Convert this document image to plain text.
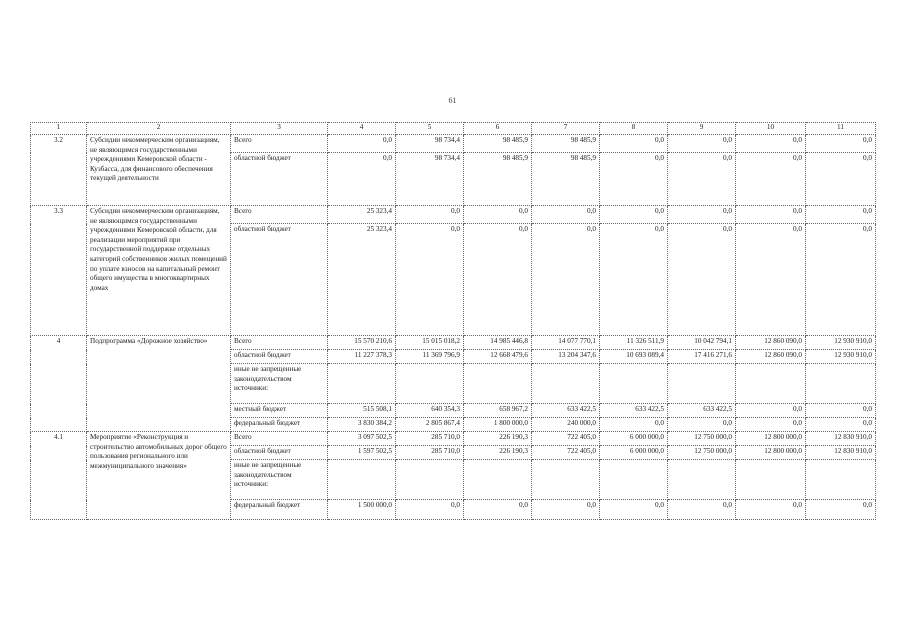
61
1	2	3	4	5	6	7	8	9	10	11
3.2	Субсидии некоммерческим организациям, не являющимся государственными учреждениями Кемеровской области - Кузбасса, для финансового обеспечения текущей деятельности	Всего	0,0	98 734,4	98 485,9	98 485,9	0,0	0,0	0,0	0,0
		областной бюджет	0,0	98 734,4	98 485,9	98 485,9	0,0	0,0	0,0	0,0
3.3	Субсидии некоммерческим организациям, не являющимся государственными учреждениями Кемеровской области, для реализации мероприятий при государственной поддержке отдельных категорий собственников жилых помещений по уплате взносов на капитальный ремонт общего имущества в многоквартирных домах	Всего	25 323,4	0,0	0,0	0,0	0,0	0,0	0,0	0,0
		областной бюджет	25 323,4	0,0	0,0	0,0	0,0	0,0	0,0	0,0
4	Подпрограмма «Дорожное хозяйство»	Всего	15 570 210,6	15 015 018,2	14 985 446,8	14 077 770,1	11 326 511,9	10 042 794,1	12 860 090,0	12 930 910,0
		областной бюджет	11 227 378,3	11 369 796,9	12 668 479,6	13 204 347,6	10 693 089,4	17 416 271,6	12 860 090,0	12 930 910,0
		иные не запрещенные законодательством источники:								
		местный бюджет	515 508,1	640 354,3	658 967,2	633 422,5	633 422,5	633 422,5	0,0	0,0
		федеральный бюджет	3 830 384,2	2 805 867,4	1 800 000,0	240 000,0	0,0	0,0	0,0	0,0
4.1	Мероприятие «Реконструкция и строительство автомобильных дорог общего пользования регионального или межмуниципального значения»	Всего	3 097 502,5	285 710,0	226 190,3	722 405,0	6 000 000,0	12 750 000,0	12 800 000,0	12 830 910,0
		областной бюджет	1 597 502,5	285 710,0	226 190,3	722 405,0	6 000 000,0	12 750 000,0	12 800 000,0	12 830 910,0
		иные не запрещенные законодательством источники:								
		федеральный бюджет	1 500 000,0	0,0	0,0	0,0	0,0	0,0	0,0	0,0
